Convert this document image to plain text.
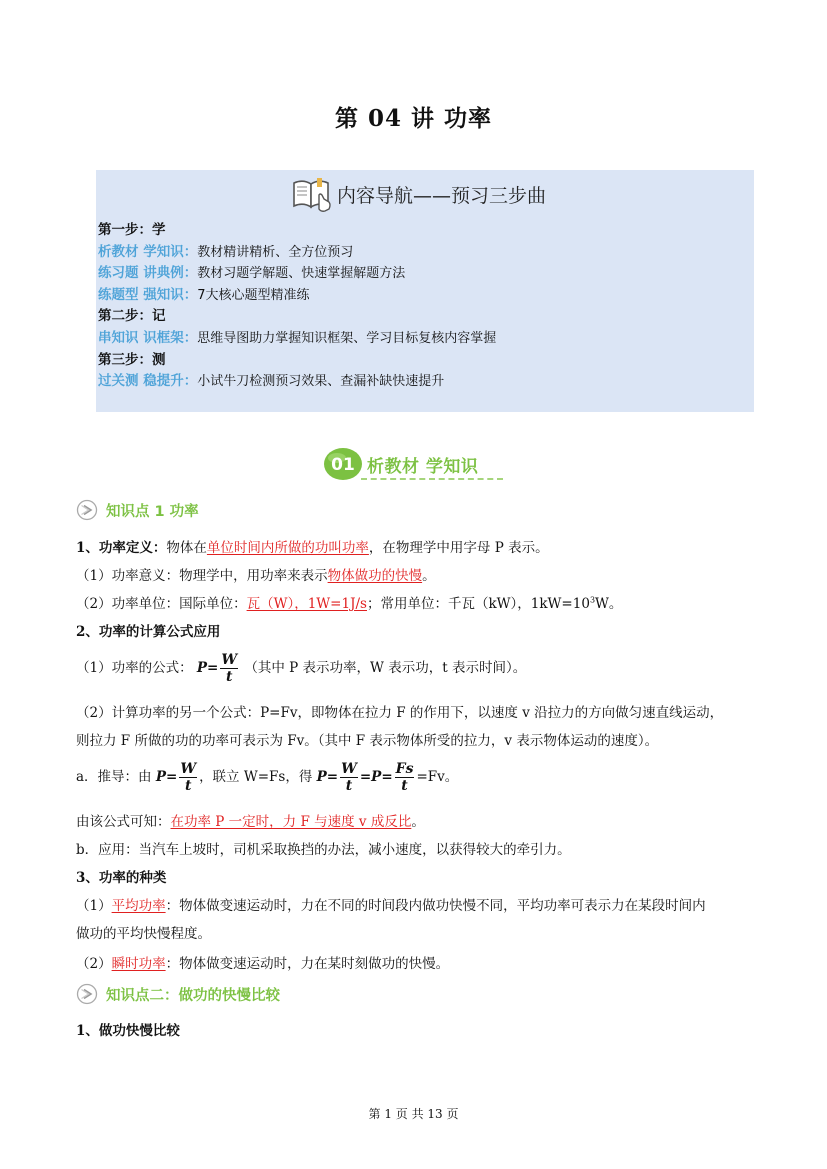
第 04 讲 功率
内容导航——预习三步曲
第一步：学
析教材 学知识：教材精讲精析、全方位预习
练习题 讲典例：教材习题学解题、快速掌握解题方法
练题型 强知识：7大核心题型精准练
第二步：记
串知识 识框架：思维导图助力掌握知识框架、学习目标复核内容掌握
第三步：测
过关测 稳提升：小试牛刀检测预习效果、查漏补缺快速提升
01 析教材 学知识
知识点 1 功率
1、功率定义：物体在单位时间内所做的功叫功率，在物理学中用字母 P 表示。
（1）功率意义：物理学中，用功率来表示物体做功的快慢。
（2）功率单位：国际单位：瓦（W），1W=1J/s；常用单位：千瓦（kW），$1kW=10^3W$。
2、功率的计算公式应用
（1）功率的公式： $P= \frac{W}{t}$ （其中 P 表示功率，W 表示功，t 表示时间）。
（2）计算功率的另一个公式：P=Fv，即物体在拉力 F 的作用下，以速度 v 沿拉力的方向做匀速直线运动，
则拉力 F 所做的功的功率可表示为 Fv。（其中 F 表示物体所受的拉力，v 表示物体运动的速度）。
a．推导：由 $P= \frac{W}{t}$ ，联立 W=Fs，得 $P= \frac{W}{t} =P= \frac{Fs}{t} =Fv$。
由该公式可知：在功率 P 一定时，力 F 与速度 v 成反比。
b．应用：当汽车上坡时，司机采取换挡的办法，减小速度，以获得较大的牵引力。
3、功率的种类
（1）平均功率：物体做变速运动时，力在不同的时间段内做功快慢不同，平均功率可表示力在某段时间内
做功的平均快慢程度。
（2）瞬时功率：物体做变速运动时，力在某时刻做功的快慢。
知识点二：做功的快慢比较
1、做功快慢比较
第 1 页 共 13 页
